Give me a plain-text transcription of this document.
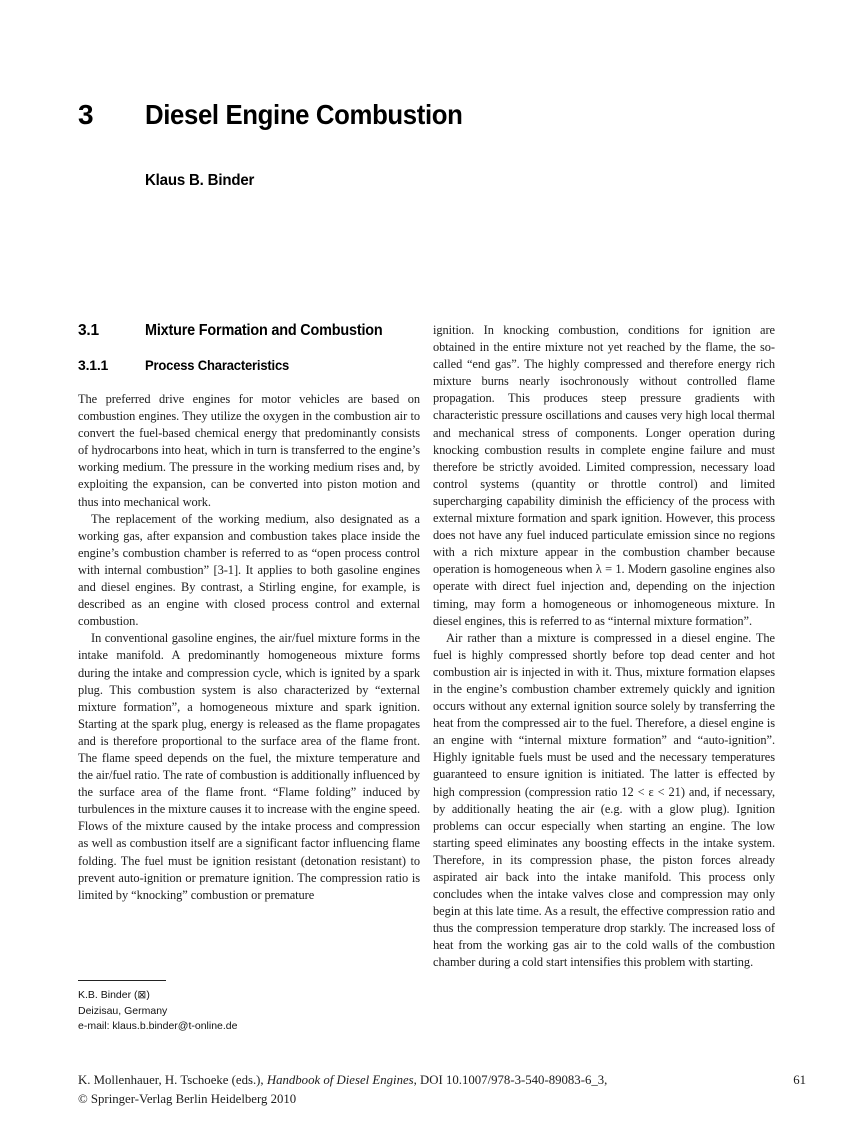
3	Diesel Engine Combustion
Klaus B. Binder
3.1	Mixture Formation and Combustion
3.1.1	Process Characteristics

The preferred drive engines for motor vehicles are based on combustion engines. They utilize the oxygen in the combustion air to convert the fuel-based chemical energy that predominantly consists of hydrocarbons into heat, which in turn is transferred to the engine’s working medium. The pressure in the working medium rises and, by exploiting the expansion, can be converted into piston motion and thus into mechanical work.

The replacement of the working medium, also designated as a working gas, after expansion and combustion takes place inside the engine’s combustion chamber is referred to as “open process control with internal combustion” [3-1]. It applies to both gasoline engines and diesel engines. By contrast, a Stirling engine, for example, is described as an engine with closed process control and external combustion.

In conventional gasoline engines, the air/fuel mixture forms in the intake manifold. A predominantly homogeneous mixture forms during the intake and compression cycle, which is ignited by a spark plug. This combustion system is also characterized by “external mixture formation”, a homogeneous mixture and spark ignition. Starting at the spark plug, energy is released as the flame propagates and is therefore proportional to the surface area of the flame front. The flame speed depends on the fuel, the mixture temperature and the air/fuel ratio. The rate of combustion is additionally influenced by the surface area of the flame front. “Flame folding” induced by turbulences in the mixture causes it to increase with the engine speed. Flows of the mixture caused by the intake process and compression as well as combustion itself are a significant factor influencing flame folding. The fuel must be ignition resistant (detonation resistant) to prevent auto-ignition or premature ignition. The compression ratio is limited by “knocking” combustion or premature

ignition. In knocking combustion, conditions for ignition are obtained in the entire mixture not yet reached by the flame, the so-called “end gas”. The highly compressed and therefore energy rich mixture burns nearly isochronously without controlled flame propagation. This produces steep pressure gradients with characteristic pressure oscillations and causes very high local thermal and mechanical stress of components. Longer operation during knocking combustion results in complete engine failure and must therefore be strictly avoided. Limited compression, necessary load control systems (quantity or throttle control) and limited supercharging capability diminish the efficiency of the process with external mixture formation and spark ignition. However, this process does not have any fuel induced particulate emission since no regions with a rich mixture appear in the combustion chamber because operation is homogeneous when λ = 1. Modern gasoline engines also operate with direct fuel injection and, depending on the injection timing, may form a homogeneous or inhomogeneous mixture. In diesel engines, this is referred to as “internal mixture formation”.

Air rather than a mixture is compressed in a diesel engine. The fuel is highly compressed shortly before top dead center and hot combustion air is injected in with it. Thus, mixture formation elapses in the engine’s combustion chamber extremely quickly and ignition occurs without any external ignition source solely by transferring the heat from the compressed air to the fuel. Therefore, a diesel engine is an engine with “internal mixture formation” and “auto-ignition”. Highly ignitable fuels must be used and the necessary temperatures guaranteed to ensure ignition is initiated. The latter is effected by high compression (compression ratio 12 < ε < 21) and, if necessary, by additionally heating the air (e.g. with a glow plug). Ignition problems can occur especially when starting an engine. The low starting speed eliminates any boosting effects in the intake system. Therefore, in its compression phase, the piston forces already aspirated air back into the intake manifold. This process only concludes when the intake valves close and compression may only begin at this late time. As a result, the effective compression ratio and thus the compression temperature drop starkly. The increased loss of heat from the working gas air to the cold walls of the combustion chamber during a cold start intensifies this problem with starting.

K.B. Binder (⊠)
Deizisau, Germany
e-mail: klaus.b.binder@t-online.de
K. Mollenhauer, H. Tschoeke (eds.), Handbook of Diesel Engines, DOI 10.1007/978-3-540-89083-6_3,
© Springer-Verlag Berlin Heidelberg 2010
61
